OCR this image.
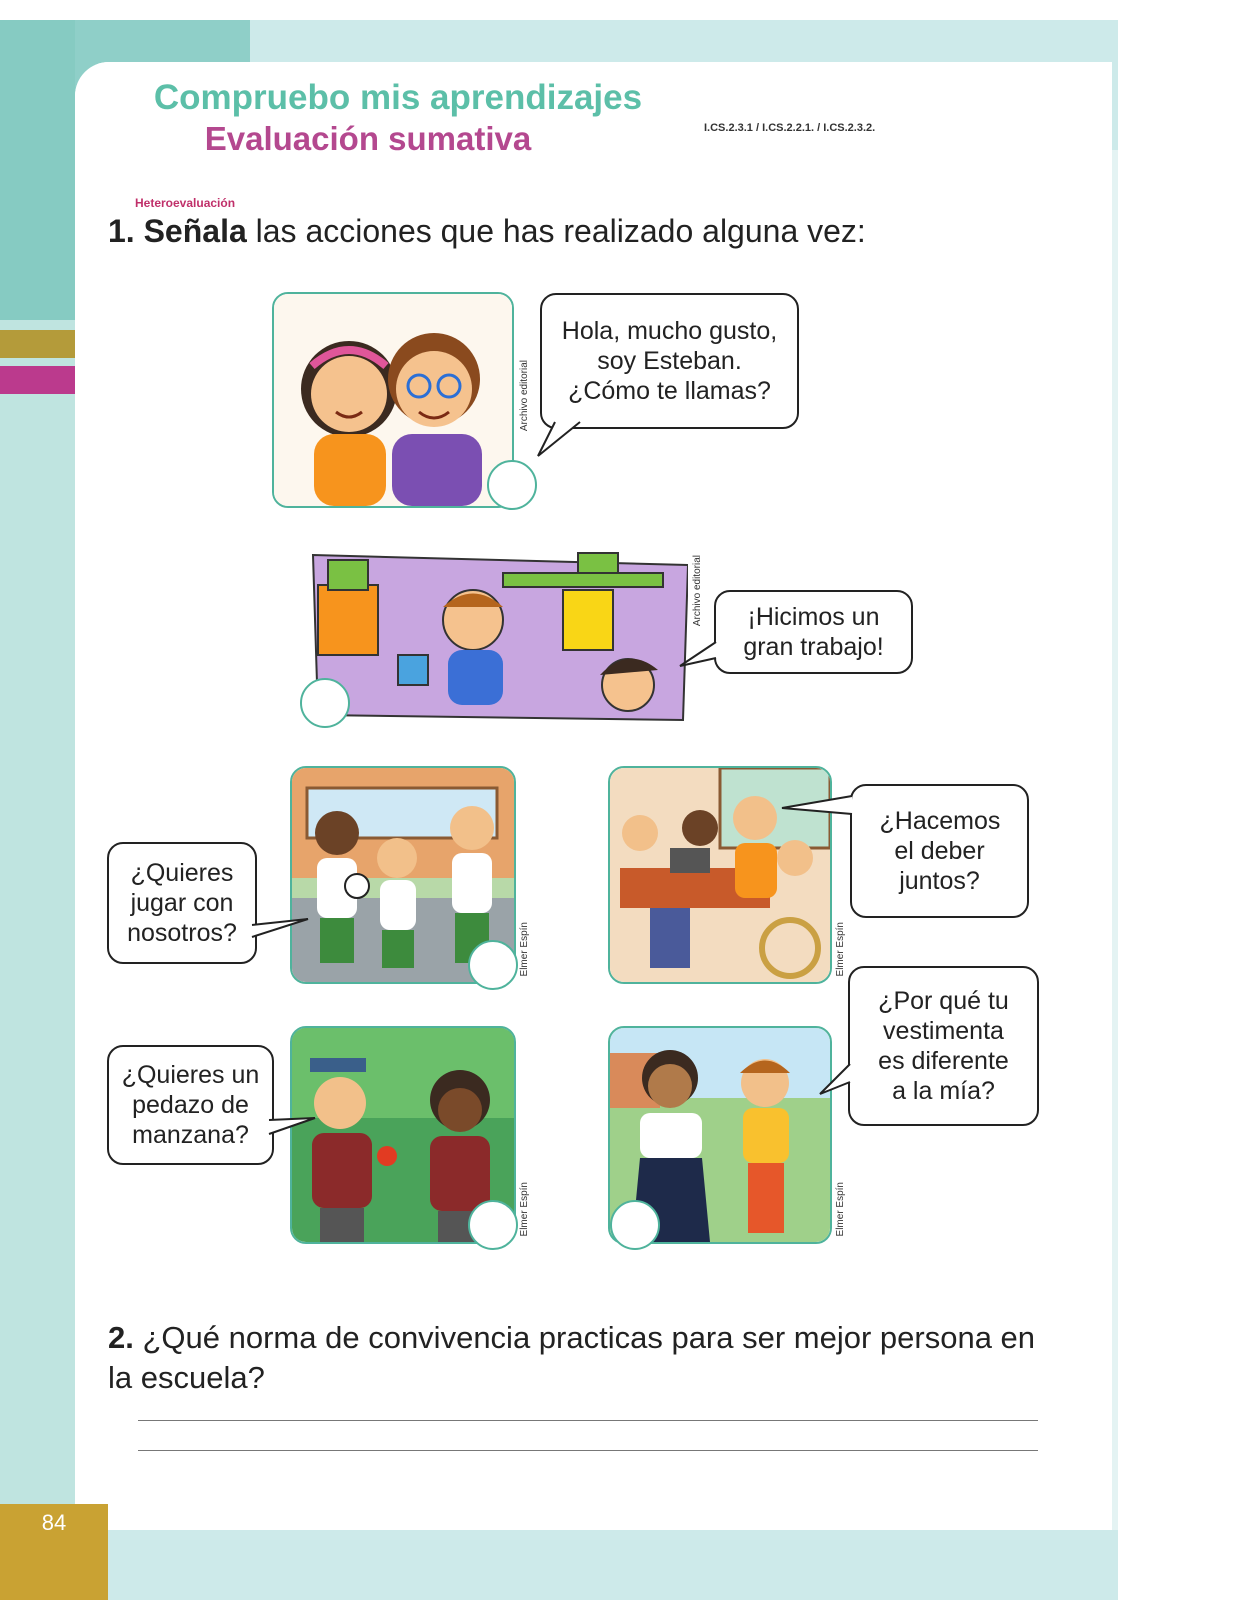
84
Compruebo mis aprendizajes
Evaluación sumativa	I.CS.2.3.1 / I.CS.2.2.1. / I.CS.2.3.2.
Heteroevaluación
1. Señala las acciones que has realizado alguna vez:
Archivo editorial
Hola, mucho gusto, soy Esteban. ¿Cómo te llamas?
Archivo editorial	¡Hicimos un gran trabajo!
Elmer Espín
¿Quieres jugar con nosotros?	Elmer Espín
¿Hacemos el deber juntos?
Elmer Espín
¿Quieres un pedazo de manzana?
Elmer Espín
¿Por qué tu vestimenta es diferente a la mía?
2. ¿Qué norma de convivencia practicas para ser mejor persona en la escuela?
